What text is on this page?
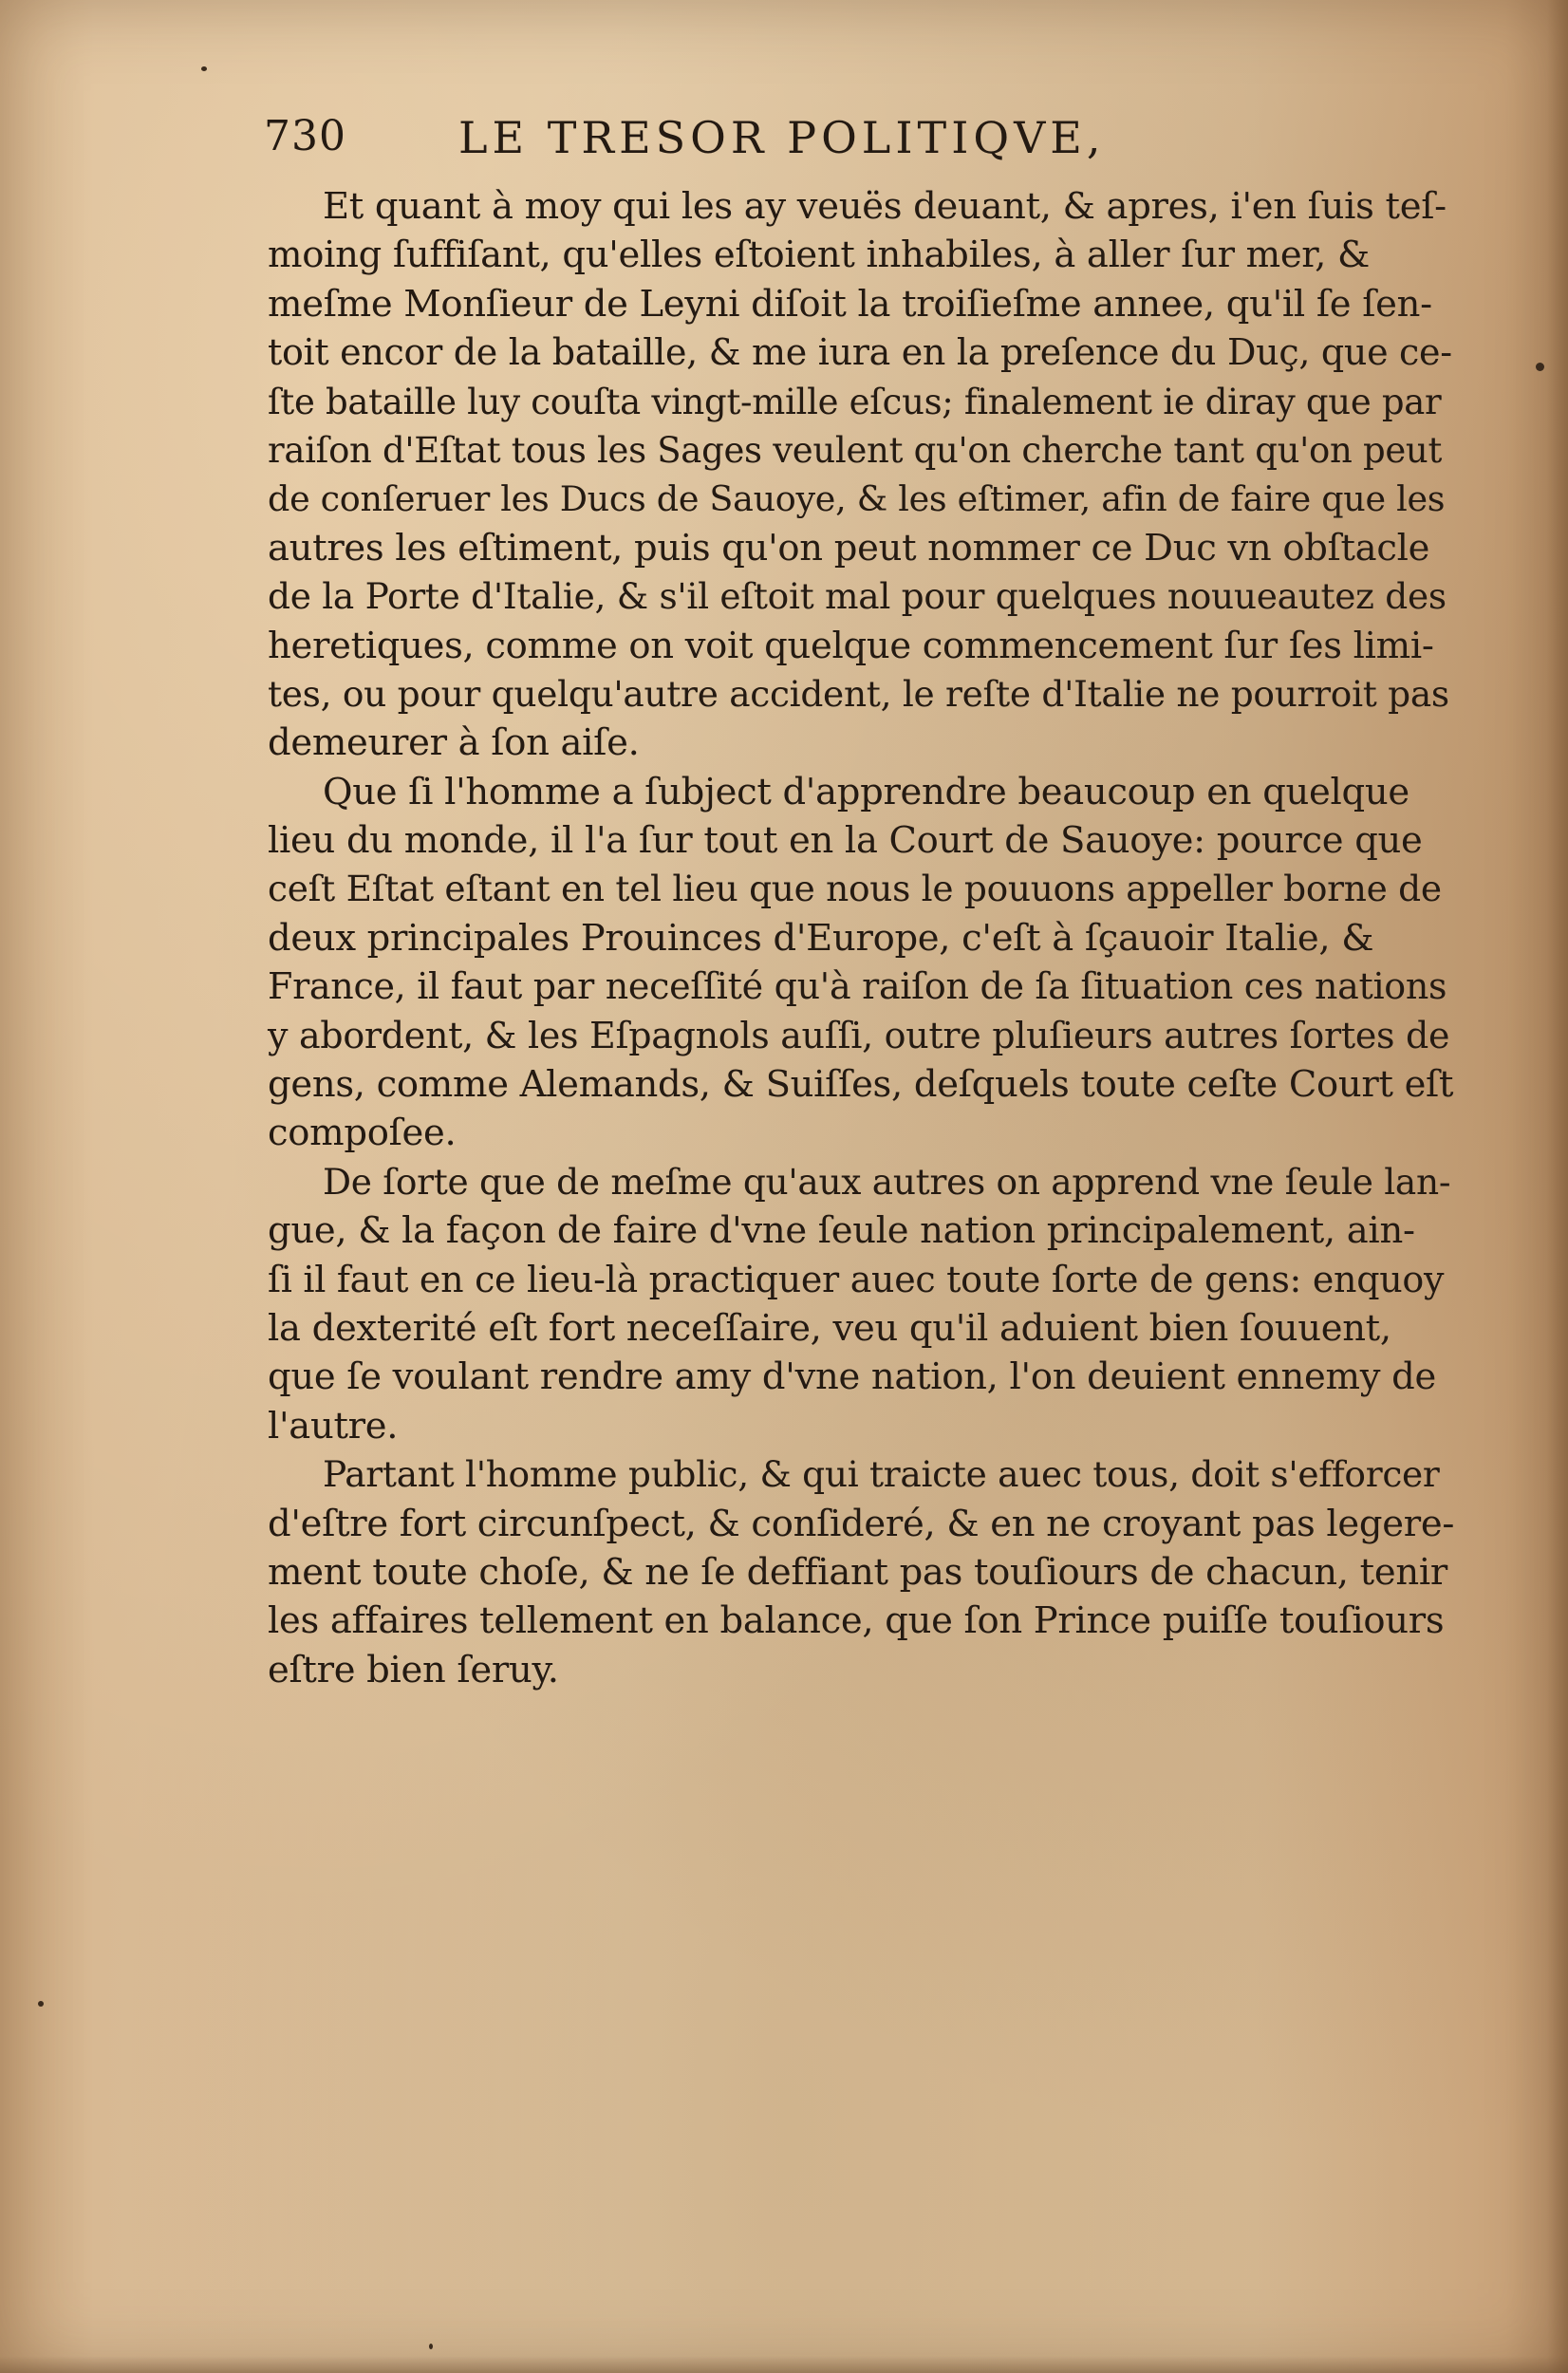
730	LE TRESOR POLITIQVE,
Et quant à moy qui les ay veuës deuant, & apres, i'en ſuis teſ-
moing ſuffiſant, qu'elles eſtoient inhabiles, à aller ſur mer, &
meſme Monſieur de Leyni diſoit la troiſieſme annee, qu'il ſe ſen-
toit encor de la bataille, & me iura en la preſence du Duç, que ce-
ſte bataille luy couſta vingt-mille eſcus; finalement ie diray que par
raiſon d'Eſtat tous les Sages veulent qu'on cherche tant qu'on peut
de conſeruer les Ducs de Sauoye, & les eſtimer, afin de faire que les
autres les eſtiment, puis qu'on peut nommer ce Duc vn obſtacle
de la Porte d'Italie, & s'il eſtoit mal pour quelques nouueautez des
heretiques, comme on voit quelque commencement ſur ſes limi-
tes, ou pour quelqu'autre accident, le reſte d'Italie ne pourroit pas
demeurer à ſon aiſe.
Que ſi l'homme a ſubject d'apprendre beaucoup en quelque
lieu du monde, il l'a ſur tout en la Court de Sauoye: pource que
ceſt Eſtat eſtant en tel lieu que nous le pouuons appeller borne de
deux principales Prouinces d'Europe, c'eſt à ſçauoir Italie, &
France, il faut par neceſſité qu'à raiſon de ſa ſituation ces nations
y abordent, & les Eſpagnols auſſi, outre pluſieurs autres ſortes de
gens, comme Alemands, & Suiſſes, deſquels toute ceſte Court eſt
compoſee.
De ſorte que de meſme qu'aux autres on apprend vne ſeule lan-
gue, & la façon de faire d'vne ſeule nation principalement, ain-
ſi il faut en ce lieu-là practiquer auec toute ſorte de gens: enquoy
la dexterité eſt fort neceſſaire, veu qu'il aduient bien ſouuent,
que ſe voulant rendre amy d'vne nation, l'on deuient ennemy de
l'autre.
Partant l'homme public, & qui traicte auec tous, doit s'efforcer
d'eſtre fort circunſpect, & conſideré, & en ne croyant pas legere-
ment toute choſe, & ne ſe deffiant pas touſiours de chacun, tenir
les affaires tellement en balance, que ſon Prince puiſſe touſiours
eſtre bien ſeruy.
